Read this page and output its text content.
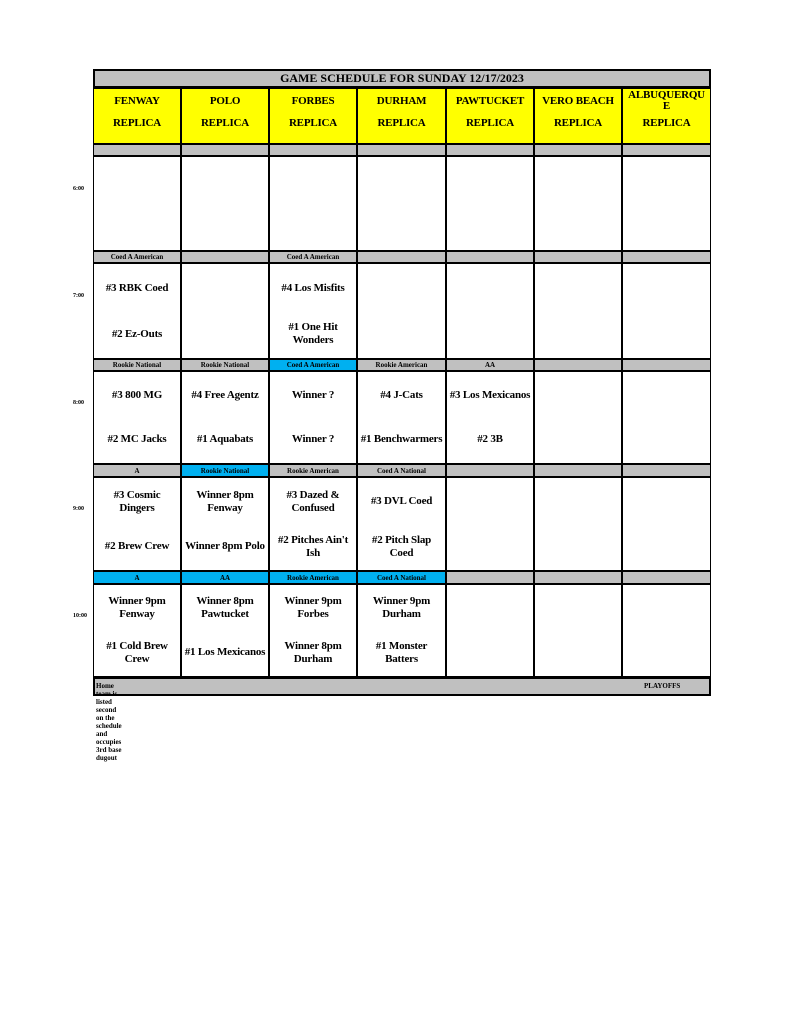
GAME SCHEDULE FOR SUNDAY 12/17/2023
FENWAY
REPLICA
POLO
REPLICA
FORBES
REPLICA
DURHAM
REPLICA
PAWTUCKET
REPLICA
VERO BEACH
REPLICA
ALBUQUERQU
E
REPLICA
6:00
Coed A American
#3 RBK Coed
#2 Ez-Outs
Coed A American
#4 Los Misfits
#1 One Hit Wonders
7:00
Rookie National
#3 800 MG
#2 MC Jacks
Rookie National
#4 Free Agentz
#1 Aquabats
Coed A American
Winner ?
Winner ?
Rookie American
#4 J-Cats
#1 Benchwarmers
AA
#3 Los Mexicanos
#2 3B
8:00
A
#3 Cosmic Dingers
#2 Brew Crew
Rookie National
Winner 8pm Fenway
Winner 8pm Polo
Rookie American
#3 Dazed & Confused
#2 Pitches Ain't Ish
Coed A National
#3 DVL Coed
#2 Pitch Slap Coed
9:00
A
Winner 9pm Fenway
#1 Cold Brew Crew
AA
Winner 8pm Pawtucket
#1 Los Mexicanos
Rookie American
Winner 9pm Forbes
Winner 8pm Durham
Coed A National
Winner 9pm Durham
#1 Monster Batters
10:00
Home team is listed second on the schedule and occupies 3rd base dugout
PLAYOFFS
